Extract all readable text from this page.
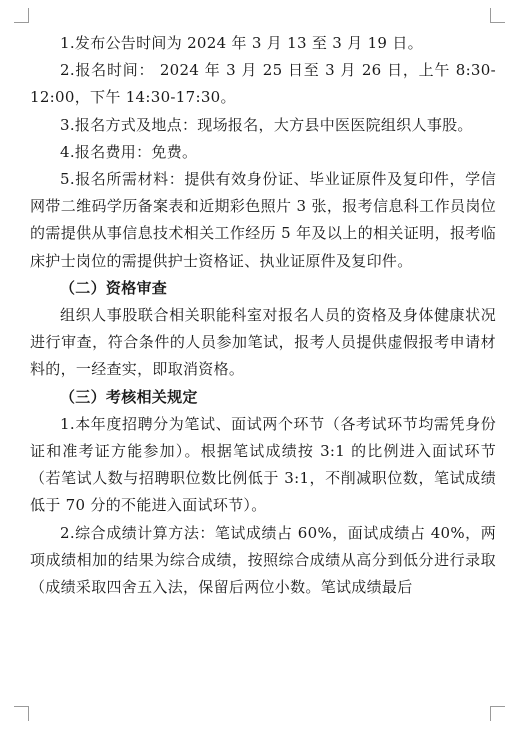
1.发布公告时间为 2024 年 3 月 13 至 3 月 19 日。

2.报名时间： 2024 年 3 月 25 日至 3 月 26 日，上午 8:30-12:00，下午 14:30-17:30。

3.报名方式及地点：现场报名，大方县中医医院组织人事股。

4.报名费用：免费。

5.报名所需材料：提供有效身份证、毕业证原件及复印件，学信网带二维码学历备案表和近期彩色照片 3 张，报考信息科工作员岗位的需提供从事信息技术相关工作经历 5 年及以上的相关证明，报考临床护士岗位的需提供护士资格证、执业证原件及复印件。

（二）资格审查

组织人事股联合相关职能科室对报名人员的资格及身体健康状况进行审查，符合条件的人员参加笔试，报考人员提供虚假报考申请材料的，一经查实，即取消资格。

（三）考核相关规定

1.本年度招聘分为笔试、面试两个环节（各考试环节均需凭身份证和准考证方能参加）。根据笔试成绩按 3:1 的比例进入面试环节（若笔试人数与招聘职位数比例低于 3:1，不削减职位数，笔试成绩低于 70 分的不能进入面试环节）。

2.综合成绩计算方法：笔试成绩占 60%，面试成绩占 40%，两项成绩相加的结果为综合成绩，按照综合成绩从高分到低分进行录取（成绩采取四舍五入法，保留后两位小数。笔试成绩最后
